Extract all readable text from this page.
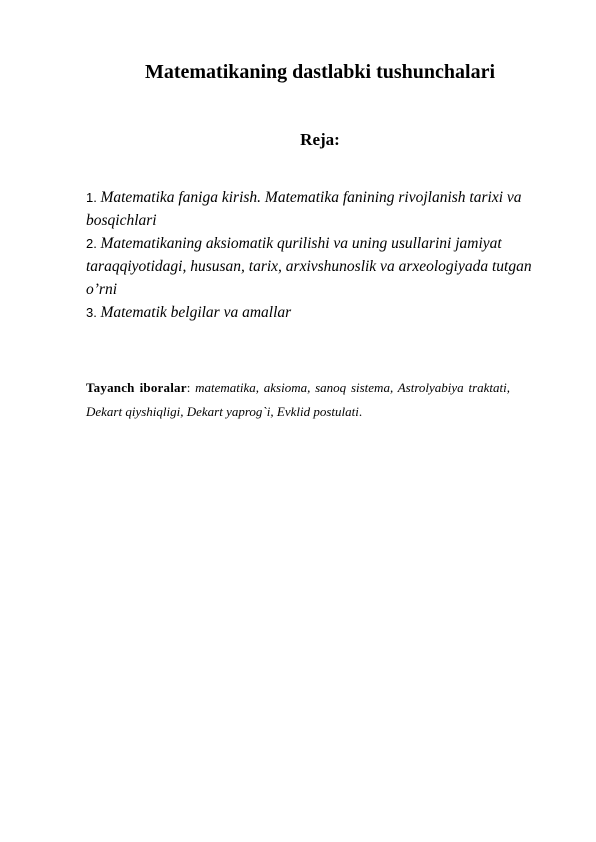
Matematikaning dastlabki tushunchalari
Reja:
1. Matematika faniga kirish. Matematika fanining rivojlanish tarixi va bosqichlari
2. Matematikaning aksiomatik qurilishi va uning usullarini jamiyat taraqqiyotidagi, hususan, tarix, arxivshunoslik va arxeologiyada tutgan o’rni
3. Matematik belgilar va amallar

Tayanch iboralar: matematika, aksioma, sanoq sistema, Astrolyabiya traktati, Dekart qiyshiqligi, Dekart yaprog`i, Evklid postulati.
